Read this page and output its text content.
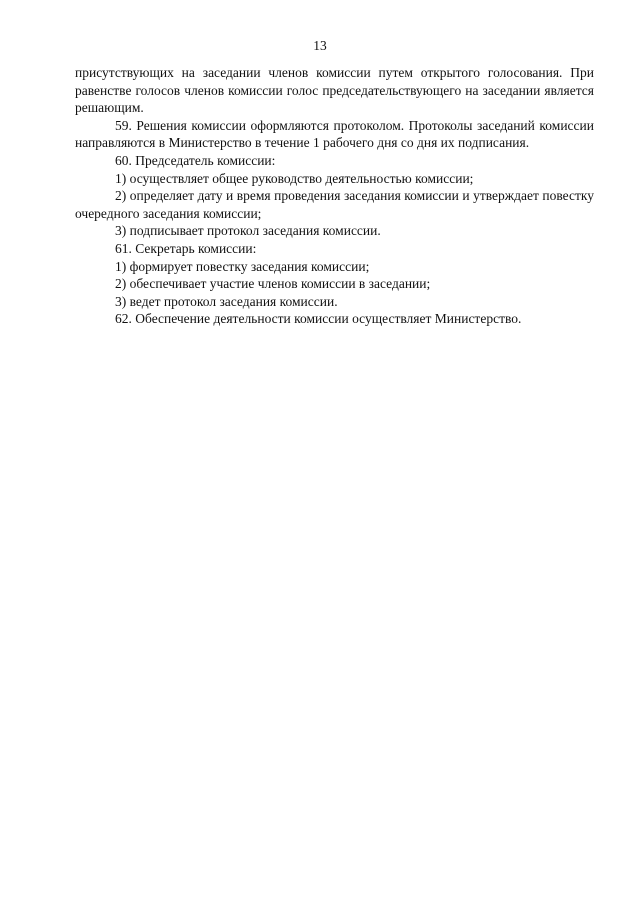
13

присутствующих на заседании членов комиссии путем открытого голосования. При равенстве голосов членов комиссии голос председательствующего на заседании является решающим.

59. Решения комиссии оформляются протоколом. Протоколы заседаний комиссии направляются в Министерство в течение 1 рабочего дня со дня их подписания.

60. Председатель комиссии:

1) осуществляет общее руководство деятельностью комиссии;

2) определяет дату и время проведения заседания комиссии и утверждает повестку очередного заседания комиссии;

3) подписывает протокол заседания комиссии.

61. Секретарь комиссии:

1) формирует повестку заседания комиссии;

2) обеспечивает участие членов комиссии в заседании;

3) ведет протокол заседания комиссии.

62. Обеспечение деятельности комиссии осуществляет Министерство.
